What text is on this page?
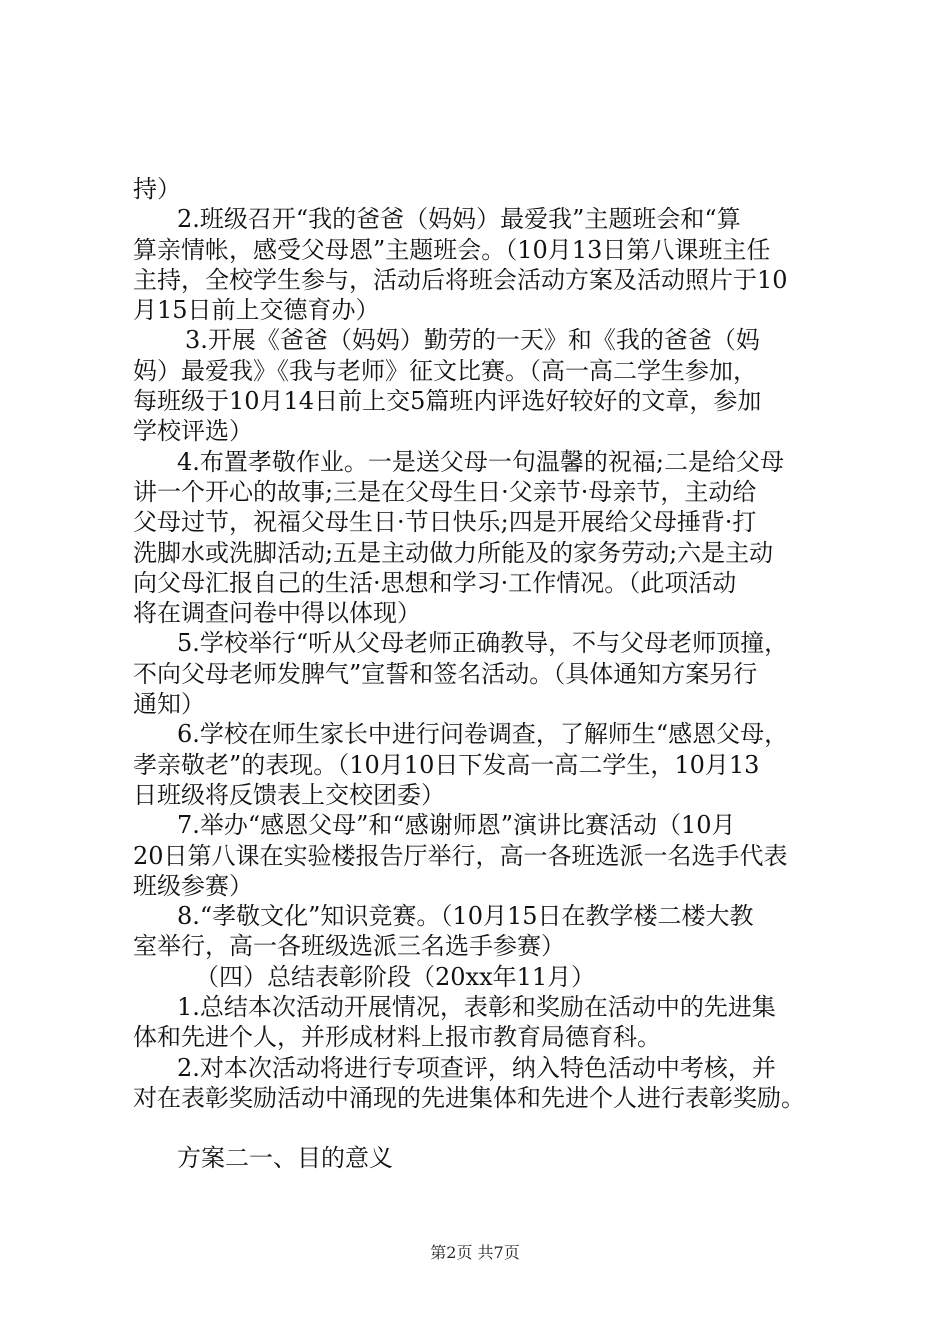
持）
2.班级召开“我的爸爸（妈妈）最爱我”主题班会和“算
算亲情帐，感受父母恩”主题班会。（10月13日第八课班主任
主持，全校学生参与，活动后将班会活动方案及活动照片于10
月15日前上交德育办）
3.开展《爸爸（妈妈）勤劳的一天》和《我的爸爸（妈
妈）最爱我》《我与老师》征文比赛。（高一高二学生参加，
每班级于10月14日前上交5篇班内评选好较好的文章，参加
学校评选）
4.布置孝敬作业。一是送父母一句温馨的祝福;二是给父母
讲一个开心的故事;三是在父母生日·父亲节·母亲节，主动给
父母过节，祝福父母生日·节日快乐;四是开展给父母捶背·打
洗脚水或洗脚活动;五是主动做力所能及的家务劳动;六是主动
向父母汇报自己的生活·思想和学习·工作情况。（此项活动
将在调查问卷中得以体现）
5.学校举行“听从父母老师正确教导，不与父母老师顶撞，
不向父母老师发脾气”宣誓和签名活动。（具体通知方案另行
通知）
6.学校在师生家长中进行问卷调查，了解师生“感恩父母，
孝亲敬老”的表现。（10月10日下发高一高二学生，10月13
日班级将反馈表上交校团委）
7.举办“感恩父母”和“感谢师恩”演讲比赛活动（10月
20日第八课在实验楼报告厅举行，高一各班选派一名选手代表
班级参赛）
8.“孝敬文化”知识竞赛。（10月15日在教学楼二楼大教
室举行，高一各班级选派三名选手参赛）
（四）总结表彰阶段（20xx年11月）
1.总结本次活动开展情况，表彰和奖励在活动中的先进集
体和先进个人，并形成材料上报市教育局德育科。
2.对本次活动将进行专项查评，纳入特色活动中考核，并
对在表彰奖励活动中涌现的先进集体和先进个人进行表彰奖励。
方案二一、目的意义
第2页 共7页
